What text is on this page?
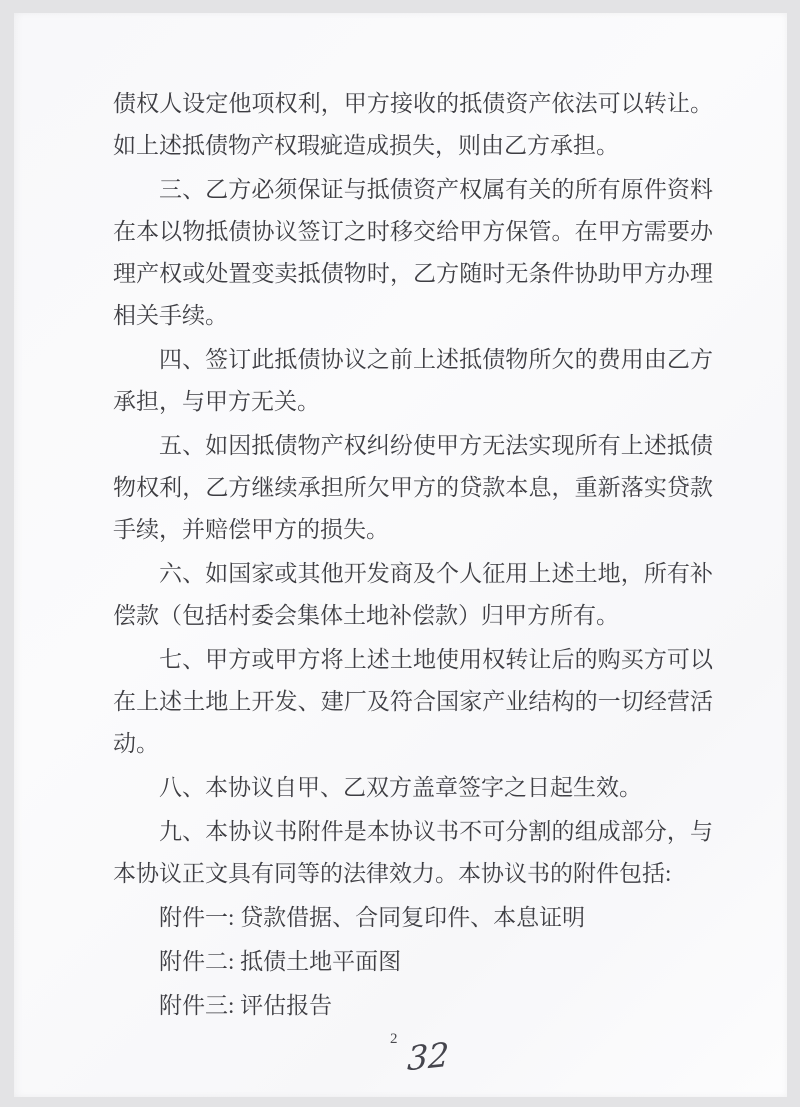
债权人设定他项权利，甲方接收的抵债资产依法可以转让。如上述抵债物产权瑕疵造成损失，则由乙方承担。

三、乙方必须保证与抵债资产权属有关的所有原件资料在本以物抵债协议签订之时移交给甲方保管。在甲方需要办理产权或处置变卖抵债物时，乙方随时无条件协助甲方办理相关手续。

四、签订此抵债协议之前上述抵债物所欠的费用由乙方承担，与甲方无关。

五、如因抵债物产权纠纷使甲方无法实现所有上述抵债物权利，乙方继续承担所欠甲方的贷款本息，重新落实贷款手续，并赔偿甲方的损失。

六、如国家或其他开发商及个人征用上述土地，所有补偿款（包括村委会集体土地补偿款）归甲方所有。

七、甲方或甲方将上述土地使用权转让后的购买方可以在上述土地上开发、建厂及符合国家产业结构的一切经营活动。

八、本协议自甲、乙双方盖章签字之日起生效。

九、本协议书附件是本协议书不可分割的组成部分，与本协议正文具有同等的法律效力。本协议书的附件包括:

附件一: 贷款借据、合同复印件、本息证明

附件二: 抵债土地平面图

附件三: 评估报告

2 32
